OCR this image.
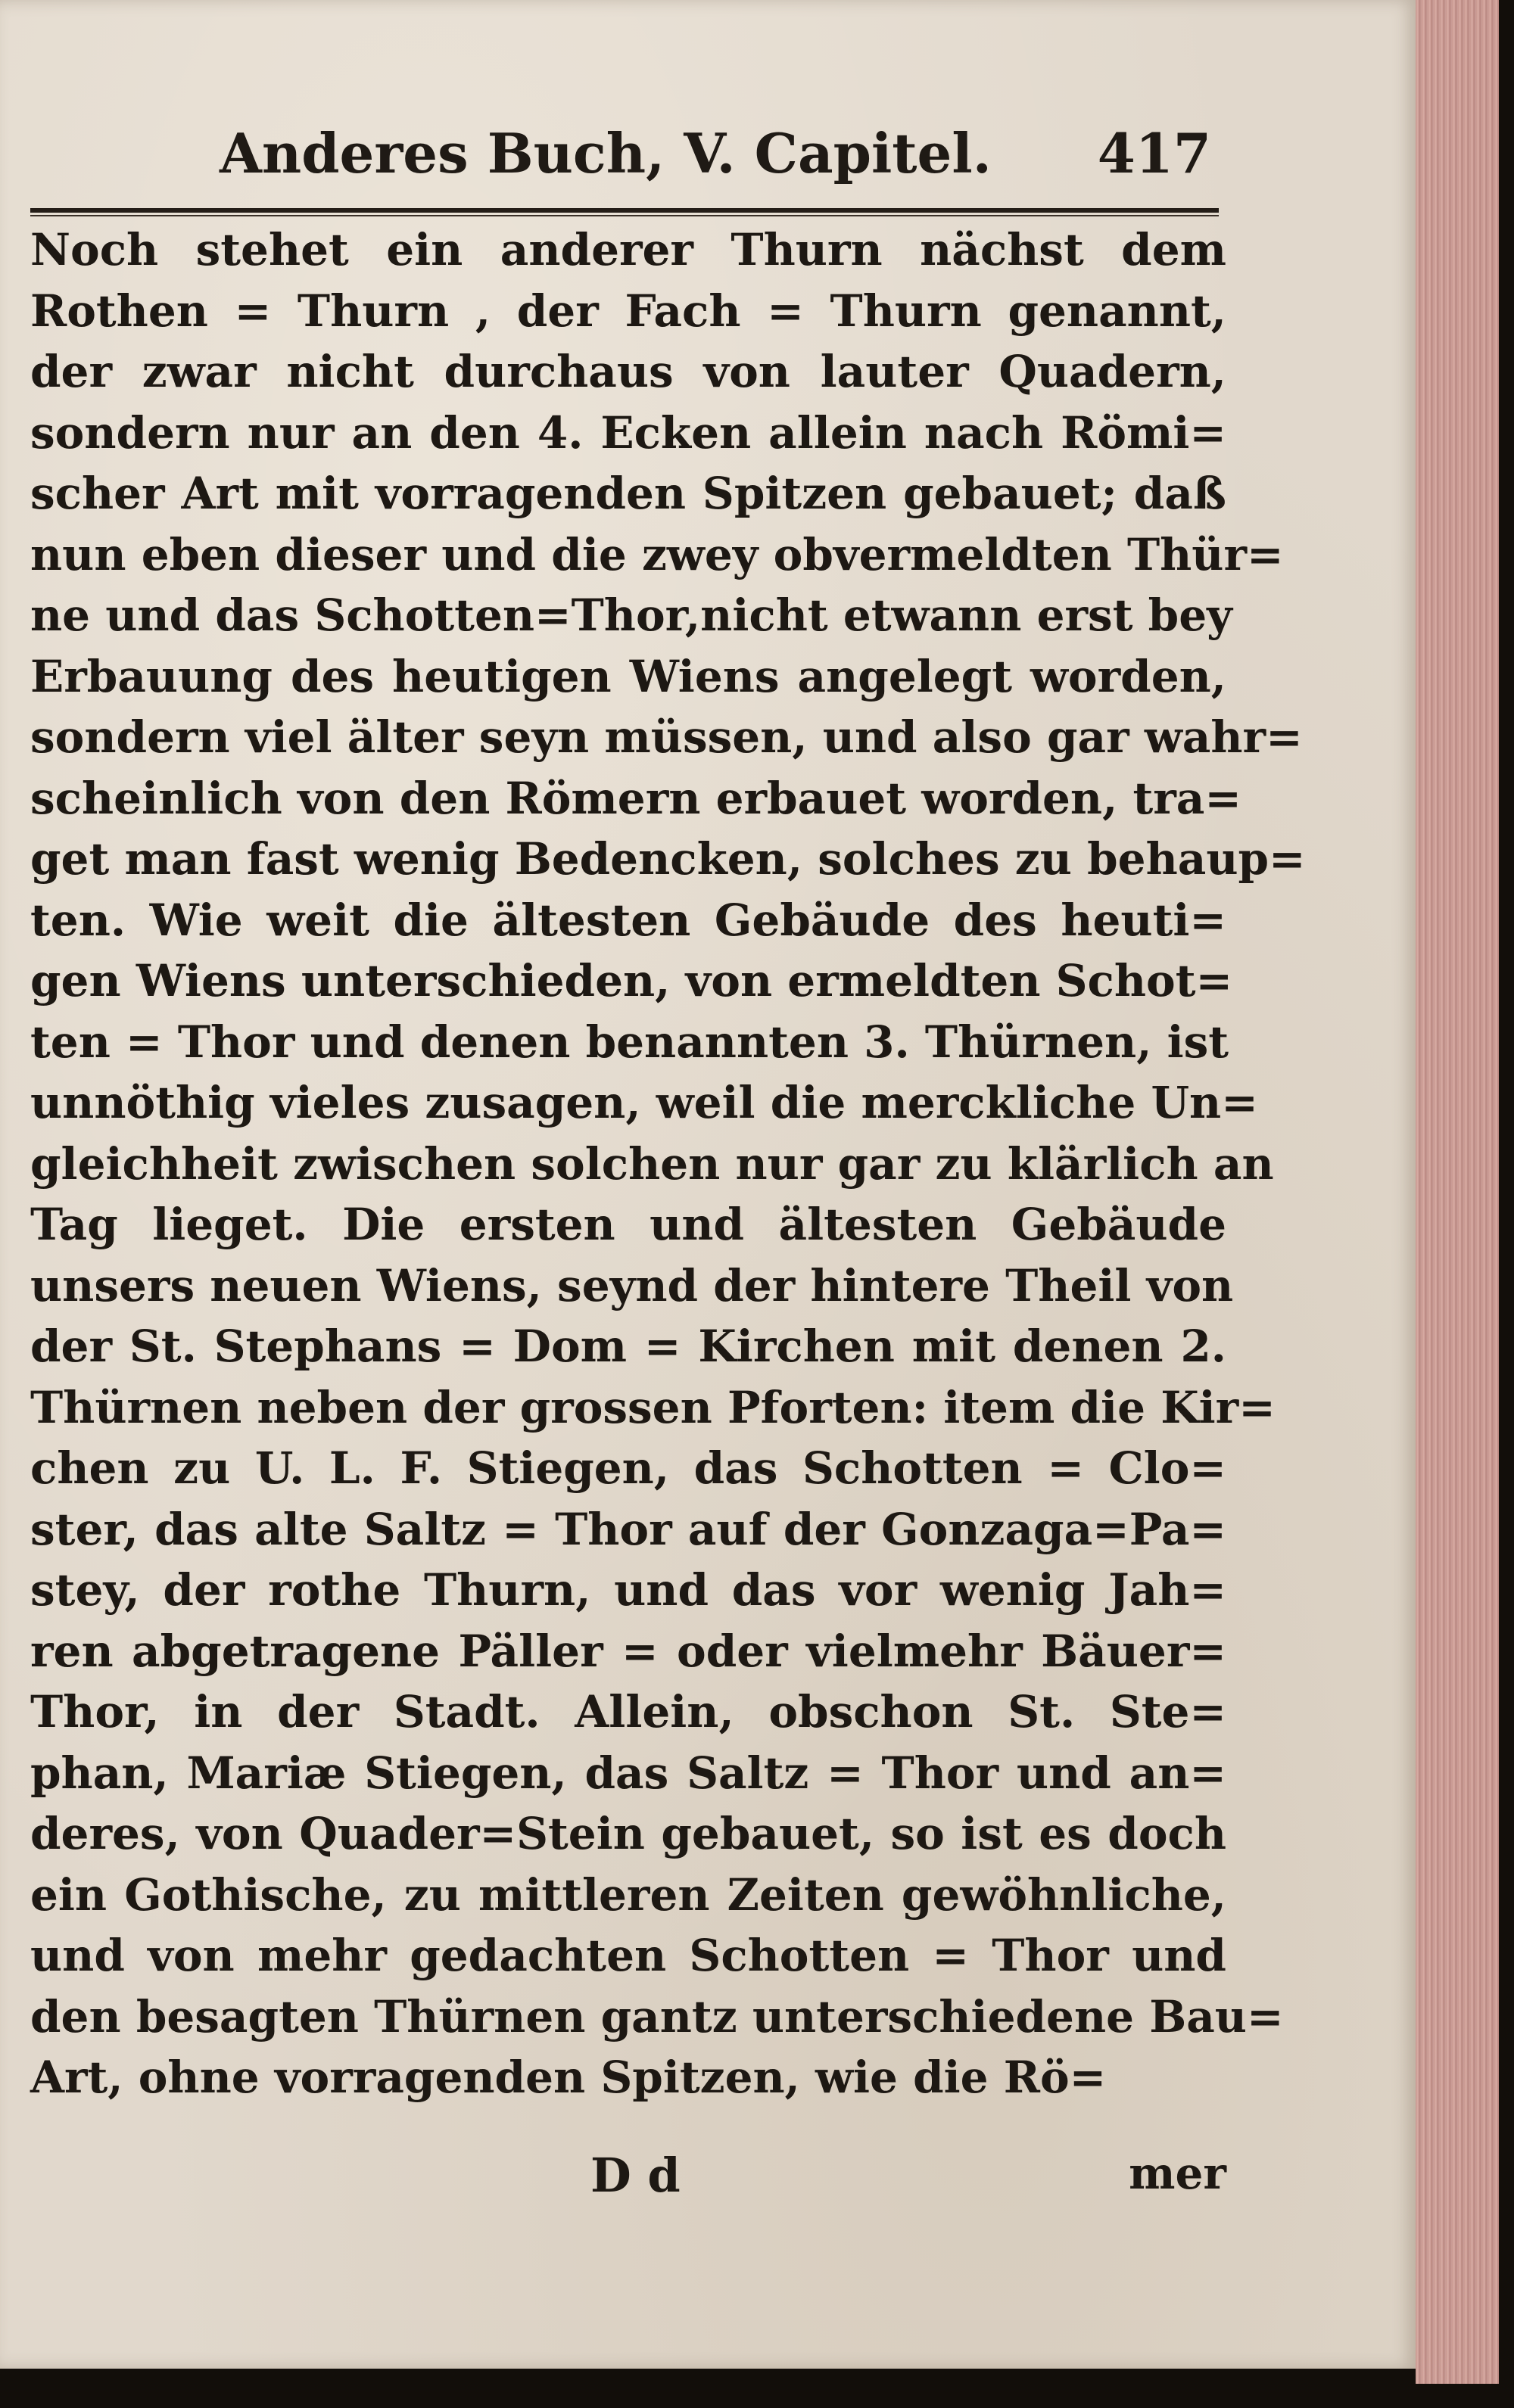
Anderes Buch, V. Capitel. 417
Noch stehet ein anderer Thurn nächst dem
Rothen = Thurn , der Fach = Thurn genannt,
der zwar nicht durchaus von lauter Quadern,
sondern nur an den 4. Ecken allein nach Römi=
scher Art mit vorragenden Spitzen gebauet; daß
nun eben dieser und die zwey obvermeldten Thür=
ne und das Schotten=Thor,nicht etwann erst bey
Erbauung des heutigen Wiens angelegt worden,
sondern viel älter seyn müssen, und also gar wahr=
scheinlich von den Römern erbauet worden, tra=
get man fast wenig Bedencken, solches zu behaup=
ten. Wie weit die ältesten Gebäude des heuti=
gen Wiens unterschieden, von ermeldten Schot=
ten = Thor und denen benannten 3. Thürnen, ist
unnöthig vieles zusagen, weil die merckliche Un=
gleichheit zwischen solchen nur gar zu klärlich an
Tag lieget. Die ersten und ältesten Gebäude
unsers neuen Wiens, seynd der hintere Theil von
der St. Stephans = Dom = Kirchen mit denen 2.
Thürnen neben der grossen Pforten: item die Kir=
chen zu U. L. F. Stiegen, das Schotten = Clo=
ster, das alte Saltz = Thor auf der Gonzaga=Pa=
stey, der rothe Thurn, und das vor wenig Jah=
ren abgetragene Päller = oder vielmehr Bäuer=
Thor, in der Stadt. Allein, obschon St. Ste=
phan, Mariæ Stiegen, das Saltz = Thor und an=
deres, von Quader=Stein gebauet, so ist es doch
ein Gothische, zu mittleren Zeiten gewöhnliche,
und von mehr gedachten Schotten = Thor und
den besagten Thürnen gantz unterschiedene Bau=
Art, ohne vorragenden Spitzen, wie die Rö=
D d	mer
